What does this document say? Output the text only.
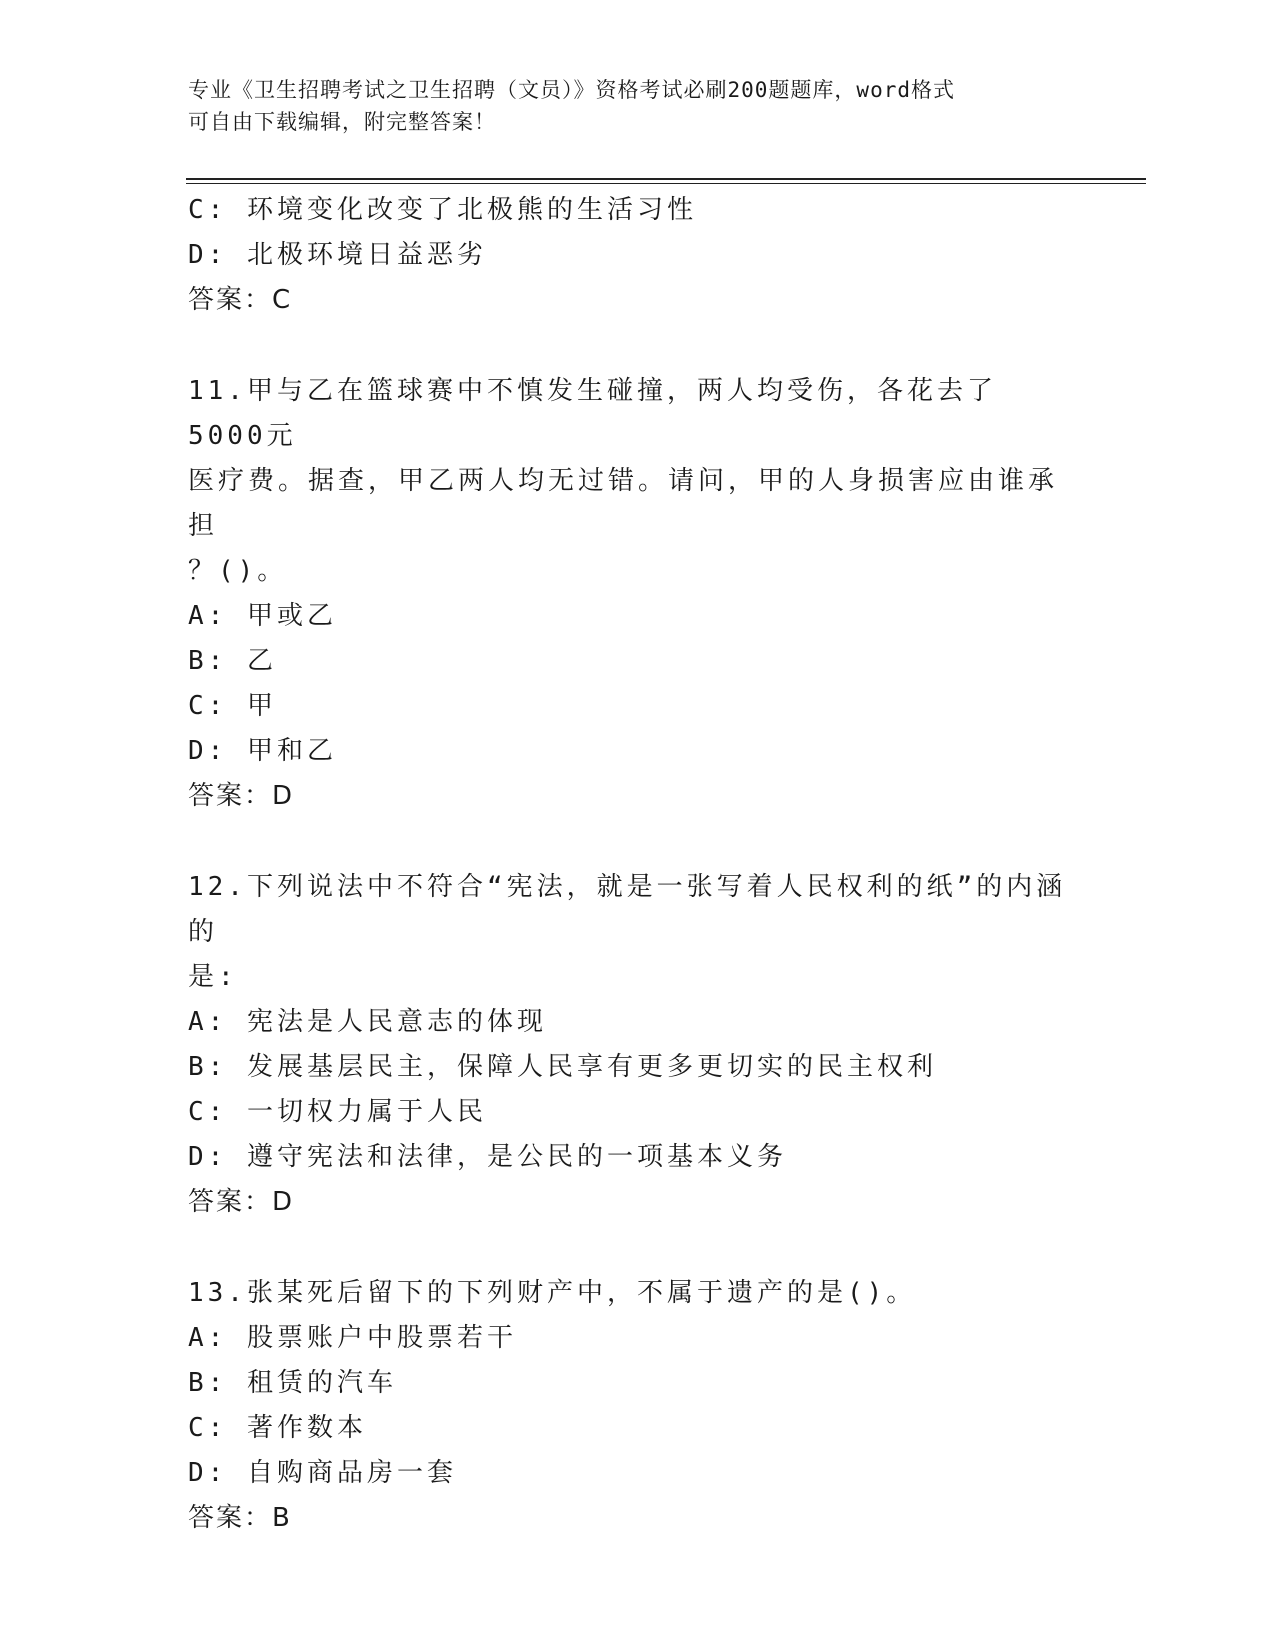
专业《卫生招聘考试之卫生招聘（文员）》资格考试必刷200题题库，word格式
可自由下载编辑，附完整答案！
C: 环境变化改变了北极熊的生活习性
D: 北极环境日益恶劣
答案：C
11.甲与乙在篮球赛中不慎发生碰撞，两人均受伤，各花去了5000元
医疗费。据查，甲乙两人均无过错。请问，甲的人身损害应由谁承担
？()。
A: 甲或乙
B: 乙
C: 甲
D: 甲和乙
答案：D
12.下列说法中不符合“宪法，就是一张写着人民权利的纸”的内涵的
是:
A: 宪法是人民意志的体现
B: 发展基层民主，保障人民享有更多更切实的民主权利
C: 一切权力属于人民
D: 遵守宪法和法律，是公民的一项基本义务
答案：D
13.张某死后留下的下列财产中，不属于遗产的是()。
A: 股票账户中股票若干
B: 租赁的汽车
C: 著作数本
D: 自购商品房一套
答案：B
